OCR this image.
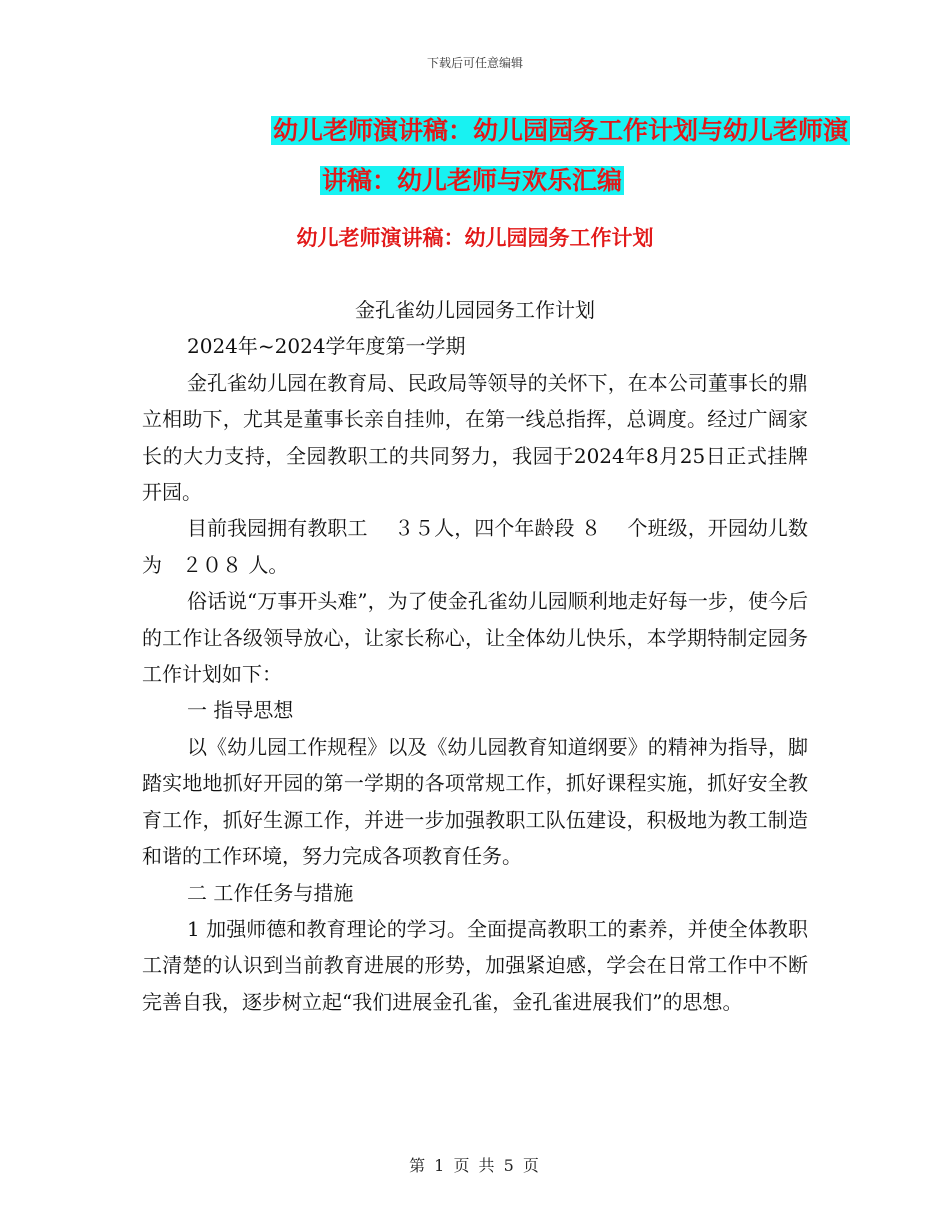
下载后可任意编辑
幼儿老师演讲稿：幼儿园园务工作计划与幼儿老师演
讲稿：幼儿老师与欢乐汇编
幼儿老师演讲稿：幼儿园园务工作计划

金孔雀幼儿园园务工作计划

2024年~2024学年度第一学期

金孔雀幼儿园在教育局、民政局等领导的关怀下，在本公司董事长的鼎立相助下，尤其是董事长亲自挂帅，在第一线总指挥，总调度。经过广阔家长的大力支持，全园教职工的共同努力，我园于2024年8月25日正式挂牌开园。

目前我园拥有教职工　 ３５人，四个年龄段 ８　 个班级，开园幼儿数为　２０８ 人。

俗话说“万事开头难”，为了使金孔雀幼儿园顺利地走好每一步，使今后的工作让各级领导放心，让家长称心，让全体幼儿快乐，本学期特制定园务工作计划如下：

一 指导思想

以《幼儿园工作规程》以及《幼儿园教育知道纲要》的精神为指导，脚踏实地地抓好开园的第一学期的各项常规工作，抓好课程实施，抓好安全教育工作，抓好生源工作，并进一步加强教职工队伍建设，积极地为教工制造和谐的工作环境，努力完成各项教育任务。

二 工作任务与措施

1 加强师德和教育理论的学习。全面提高教职工的素养，并使全体教职工清楚的认识到当前教育进展的形势，加强紧迫感，学会在日常工作中不断完善自我，逐步树立起“我们进展金孔雀，金孔雀进展我们”的思想。

第 1 页 共 5 页
